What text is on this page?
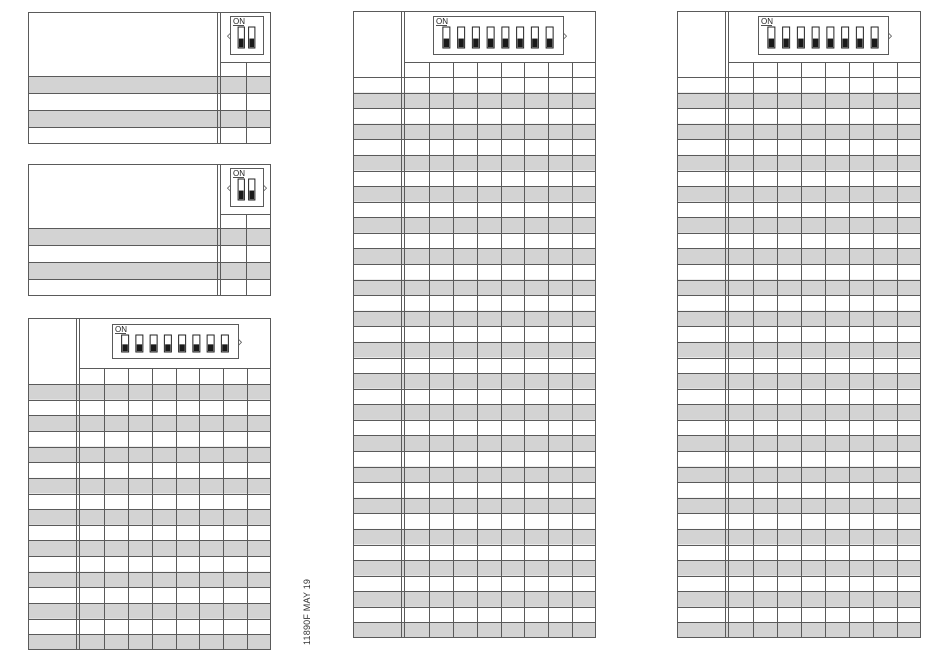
ON
ON
ON
ON	ON
11890F MAY 19
